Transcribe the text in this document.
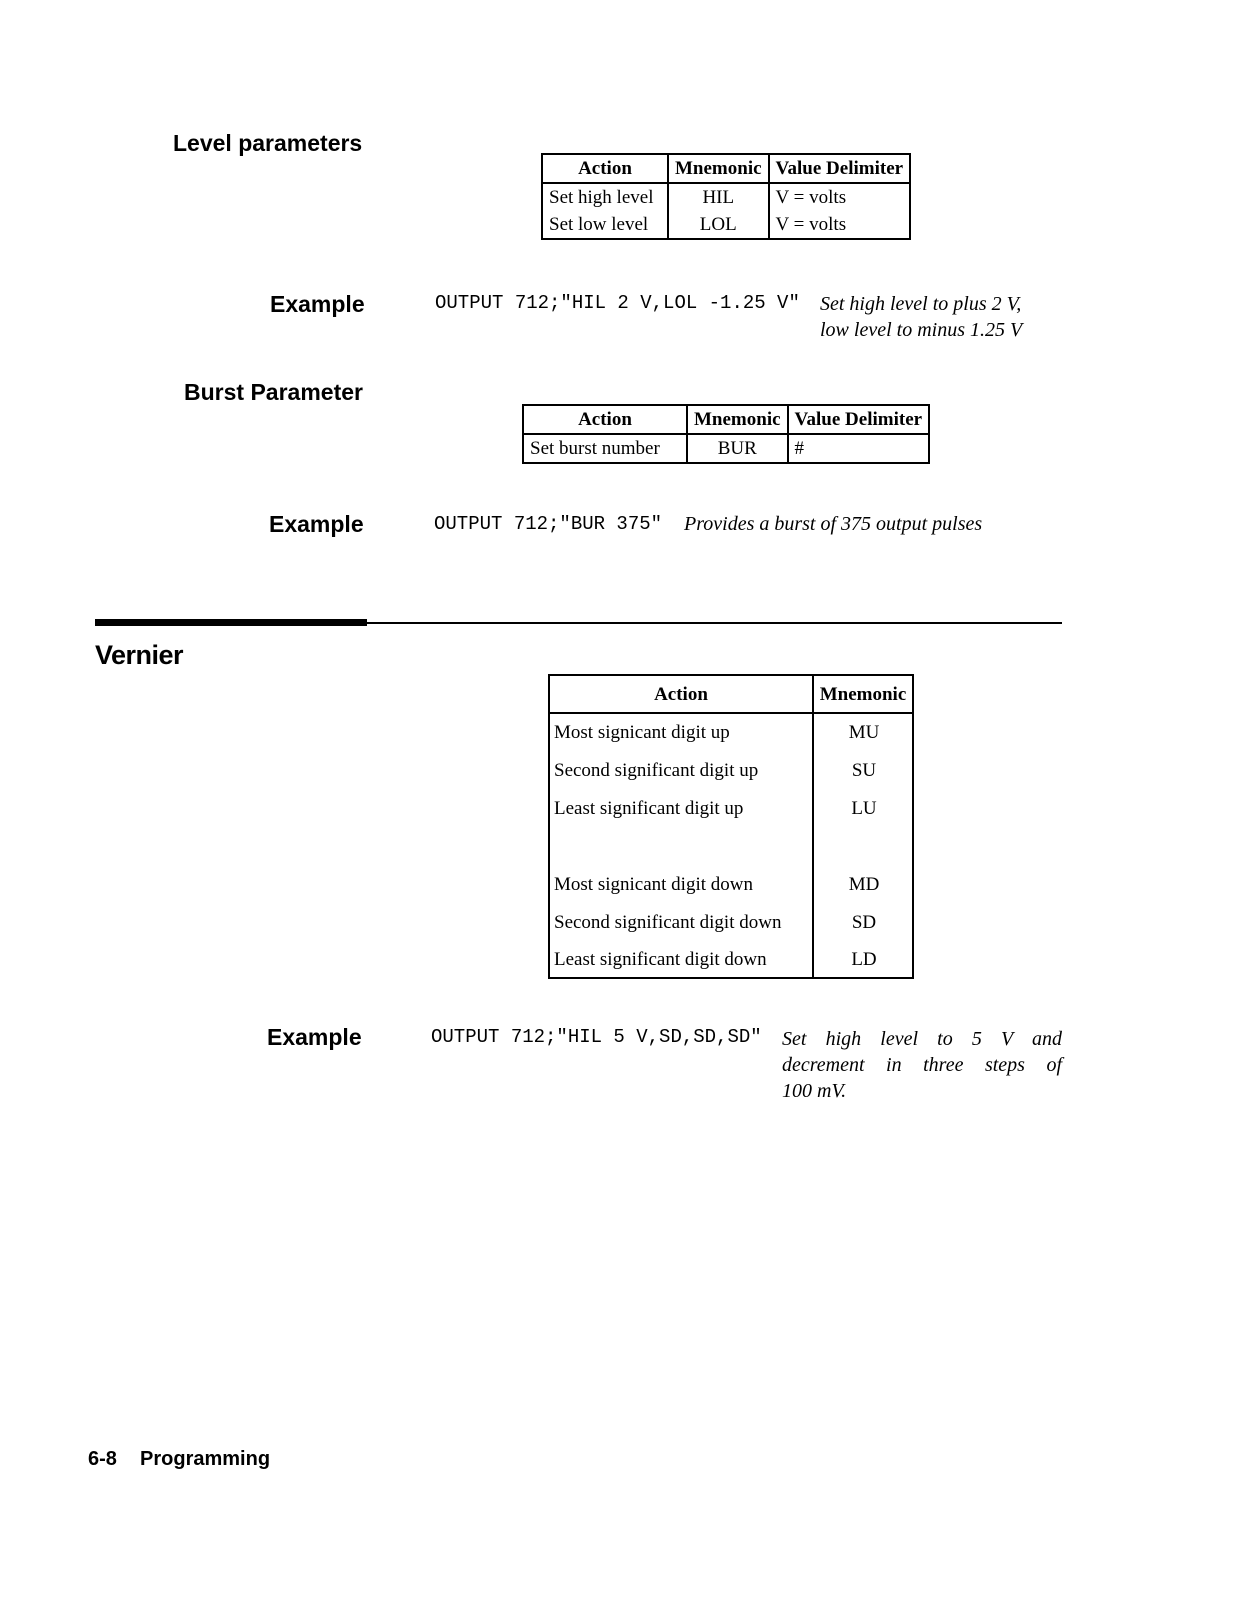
Level parameters
Action	Mnemonic	Value Delimiter
Set high level	HIL	V = volts
Set low level	LOL	V = volts
Example	OUTPUT 712;"HIL 2 V,LOL -1.25 V" Set high level to plus 2 V,
low level to minus 1.25 V
Burst Parameter
Action	Mnemonic	Value Delimiter
Set burst number	BUR	#
Example	OUTPUT 712;"BUR 375" Provides a burst of 375 output pulses
Vernier
Action	Mnemonic
Most signicant digit up	MU
Second significant digit up	SU
Least significant digit up	LU
Most signicant digit down	MD
Second significant digit down	SD
Least significant digit down	LD
Example	OUTPUT 712;"HIL 5 V,SD,SD,SD" Set high level to 5 V and
decrement in three steps of
100 mV.
6-8 Programming
